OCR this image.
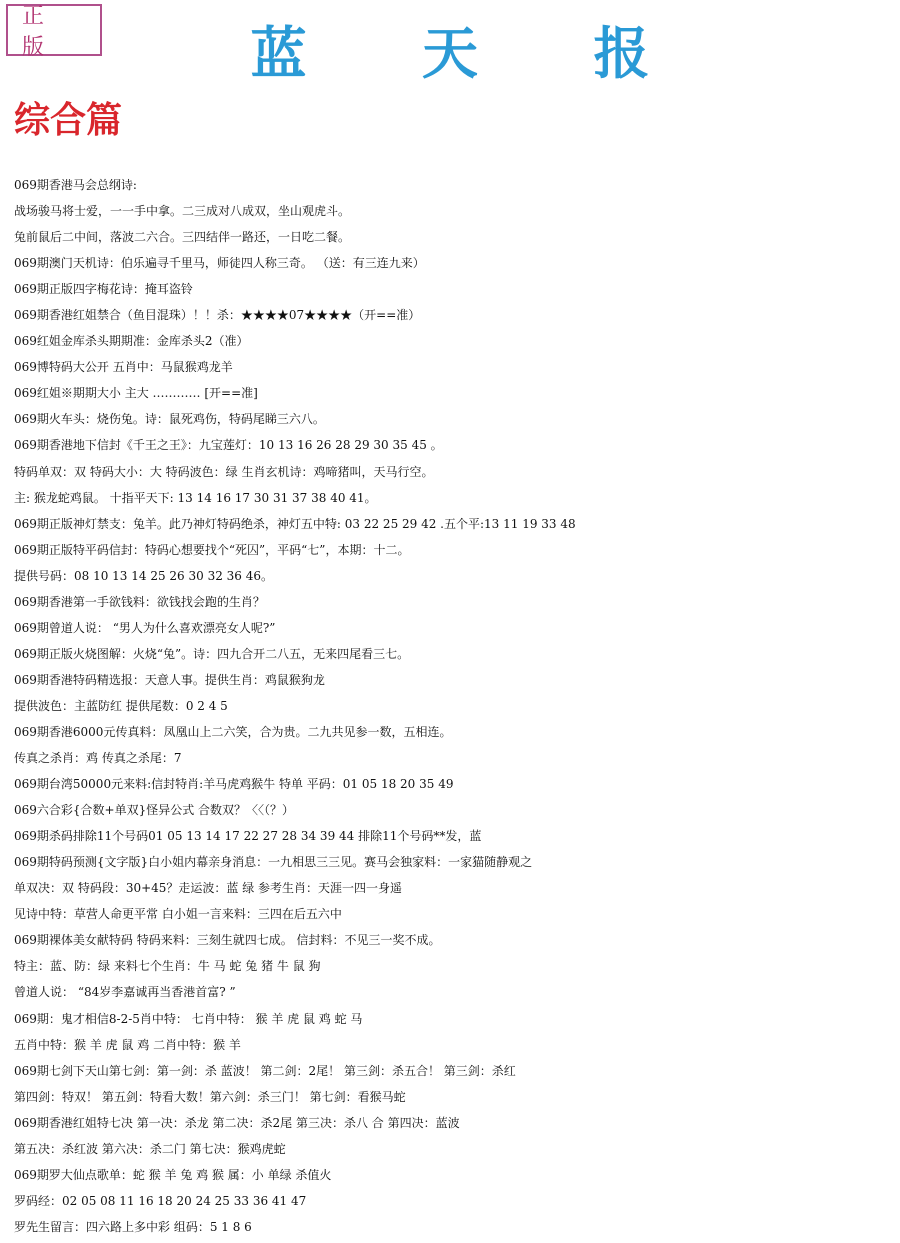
正 版	蓝 天 报
综合篇
069期香港马会总纲诗:
战场骏马将士爱，一一手中拿。二三成对八成双，坐山观虎斗。
兔前鼠后二中间，落波二六合。三四结伴一路还，一日吃二餐。
069期澳门天机诗：伯乐遍寻千里马，师徒四人称三奇。 （送：有三连九来）
069期正版四字梅花诗：掩耳盗铃
069期香港红姐禁合（鱼目混珠）！！杀：★★★★07★★★★（开==准）
069红姐金库杀头期期准：金库杀头2（准）
069博特码大公开 五肖中：马鼠猴鸡龙羊
069红姐※期期大小 主大 ………… [开==准]
069期火车头：烧伤兔。诗：鼠死鸡伤，特码尾睇三六八。
069期香港地下信封《千王之王》：九宝莲灯：10 13 16 26 28 29 30 35 45 。
特码单双：双 特码大小：大 特码波色：绿 生肖玄机诗：鸡啼猪叫，天马行空。
主: 猴龙蛇鸡鼠。 十指平天下: 13 14 16 17 30 31 37 38 40 41。
069期正版神灯禁支：兔羊。此乃神灯特码绝杀，神灯五中特: 03 22 25 29 42 .五个平:13 11 19 33 48
069期正版特平码信封：特码心想要找个“死囚”，平码“七”，本期：十二。
提供号码：08 10 13 14 25 26 30 32 36 46。
069期香港第一手欲钱料：欲钱找会跑的生肖？
069期曾道人说： “男人为什么喜欢漂亮女人呢?”
069期正版火烧图解：火烧“兔”。诗：四九合开二八五，无来四尾看三七。
069期香港特码精选报：天意人事。提供生肖：鸡鼠猴狗龙
提供波色：主蓝防红 提供尾数：0 2 4 5
069期香港6000元传真料：凤凰山上二六笑，合为贵。二九共见参一数，五相连。
传真之杀肖：鸡 传真之杀尾：7
069期台湾50000元来料:信封特肖:羊马虎鸡猴牛 特单 平码：01 05 18 20 35 49
069六合彩{合数+单双}怪异公式 合数双？〈〈（？）
069期杀码排除11个号码01 05 13 14 17 22 27 28 34 39 44 排除11个号码**发，蓝
069期特码预测{文字版}白小姐内幕亲身消息：一九相思三三见。赛马会独家料：一家猫随静观之
单双决：双 特码段：30+45？走运波：蓝 绿 参考生肖：天涯一四一身遥
见诗中特：草营人命更平常 白小姐一言来料：三四在后五六中
069期裸体美女献特码 特码来料：三刻生就四七成。 信封料：不见三一奖不成。
特主：蓝、防：绿 来料七个生肖：牛 马 蛇 兔 猪 牛 鼠 狗
曾道人说： “84岁李嘉诚再当香港首富? ”
069期：鬼才相信8-2-5肖中特： 七肖中特： 猴 羊 虎 鼠 鸡 蛇 马
五肖中特：猴 羊 虎 鼠 鸡 二肖中特：猴 羊
069期七剑下天山第七剑：第一剑：杀 蓝波！ 第二剑：2尾！ 第三剑：杀五合！ 第三剑：杀红
第四剑：特双！ 第五剑：特看大数！第六剑：杀三门！ 第七剑：看猴马蛇
069期香港红姐特七决 第一决：杀龙 第二决：杀2尾 第三决：杀八 合 第四决：蓝波
第五决：杀红波 第六决：杀二门 第七决：猴鸡虎蛇
069期罗大仙点歌单：蛇 猴 羊 兔 鸡 猴 属：小 单绿 杀值火
罗码经：02 05 08 11 16 18 20 24 25 33 36 41 47
罗先生留言：四六路上多中彩 组码：5 1 8 6
